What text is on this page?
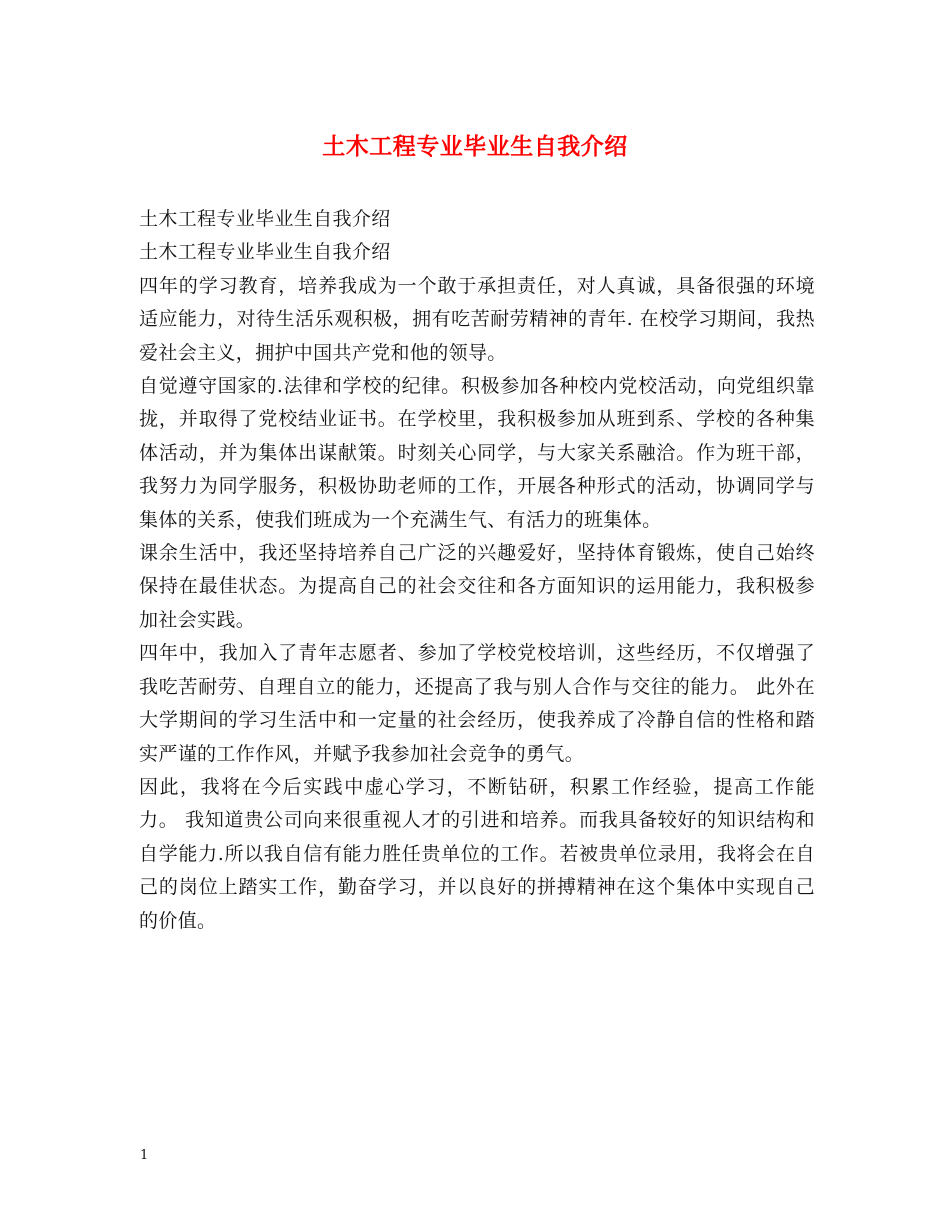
土木工程专业毕业生自我介绍

土木工程专业毕业生自我介绍

土木工程专业毕业生自我介绍

四年的学习教育，培养我成为一个敢于承担责任，对人真诚，具备很强的环境适应能力，对待生活乐观积极，拥有吃苦耐劳精神的青年. 在校学习期间，我热爱社会主义，拥护中国共产党和他的领导。

自觉遵守国家的.法律和学校的纪律。积极参加各种校内党校活动，向党组织靠拢，并取得了党校结业证书。在学校里，我积极参加从班到系、学校的各种集体活动，并为集体出谋献策。时刻关心同学，与大家关系融洽。作为班干部，我努力为同学服务，积极协助老师的工作，开展各种形式的活动，协调同学与集体的关系，使我们班成为一个充满生气、有活力的班集体。

课余生活中，我还坚持培养自己广泛的兴趣爱好，坚持体育锻炼，使自己始终保持在最佳状态。为提高自己的社会交往和各方面知识的运用能力，我积极参加社会实践。

四年中，我加入了青年志愿者、参加了学校党校培训，这些经历，不仅增强了我吃苦耐劳、自理自立的能力，还提高了我与别人合作与交往的能力。 此外在大学期间的学习生活中和一定量的社会经历，使我养成了冷静自信的性格和踏实严谨的工作作风，并赋予我参加社会竞争的勇气。

因此，我将在今后实践中虚心学习，不断钻研，积累工作经验，提高工作能力。 我知道贵公司向来很重视人才的引进和培养。而我具备较好的知识结构和自学能力.所以我自信有能力胜任贵单位的工作。若被贵单位录用，我将会在自己的岗位上踏实工作，勤奋学习，并以良好的拼搏精神在这个集体中实现自己的价值。

1
